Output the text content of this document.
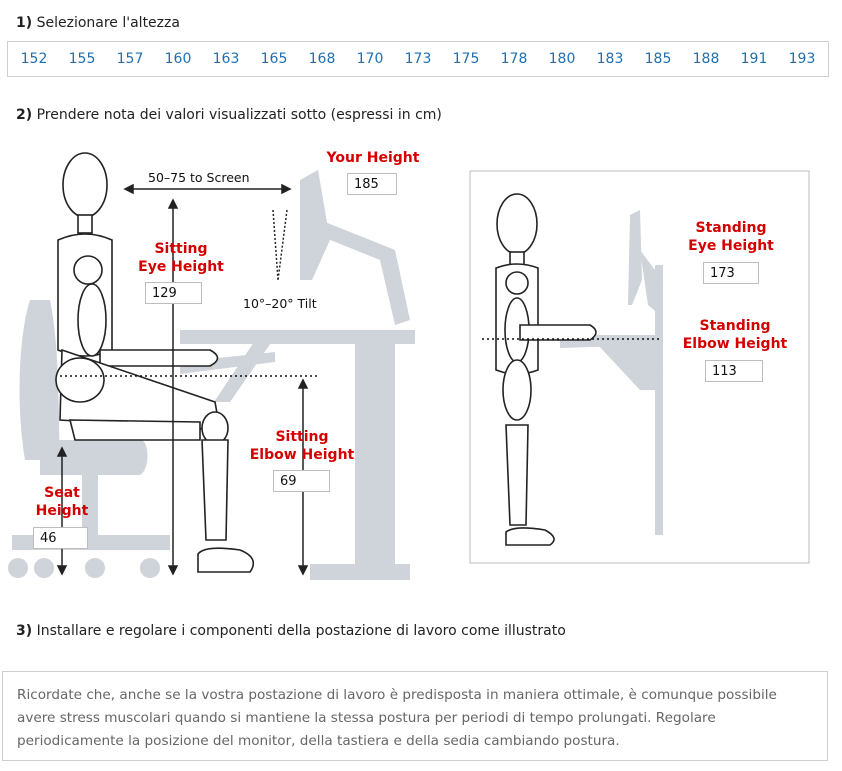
1) Selezionare l'altezza
152	155	157	160	163	165	168	170	173	175	178	180	183	185	188	191	193
2) Prendere nota dei valori visualizzati sotto (espressi in cm)
50–75 to Screen
10°–20° Tilt
Your Height
185
Sitting
Eye Height
129
Sitting
Elbow Height
69
Seat
Height
46
Standing
Eye Height
173
Standing
Elbow Height
113
3) Installare e regolare i componenti della postazione di lavoro come illustrato
Ricordate che, anche se la vostra postazione di lavoro è predisposta in maniera ottimale, è comunque possibile avere stress muscolari quando si mantiene la stessa postura per periodi di tempo prolungati. Regolare periodicamente la posizione del monitor, della tastiera e della sedia cambiando postura.
